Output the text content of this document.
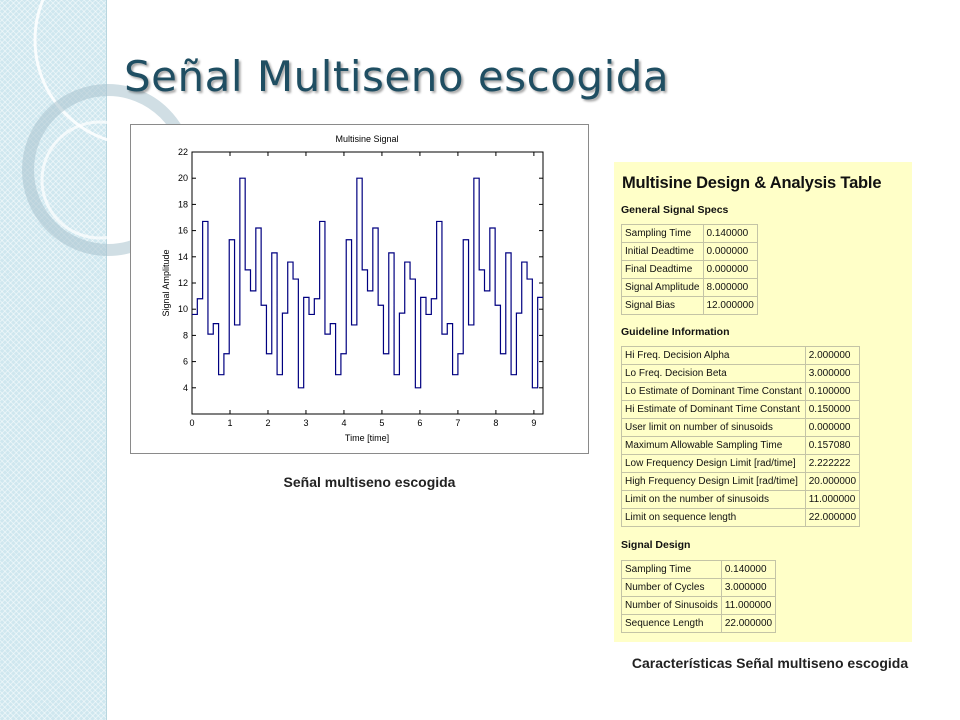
Señal Multiseno escogida
Multisine Signal
4
6
8
10
12
14
16
18
20
22
0	1	2	3	4	5	6	7	8	9
Time [time]
Signal Amplitude
Señal multiseno escogida
Multisine Design & Analysis Table
General Signal Specs
Sampling Time	0.140000
Initial Deadtime	0.000000
Final Deadtime	0.000000
Signal Amplitude	8.000000
Signal Bias	12.000000
Guideline Information
Hi Freq. Decision Alpha	2.000000
Lo Freq. Decision Beta	3.000000
Lo Estimate of Dominant Time Constant	0.100000
Hi Estimate of Dominant Time Constant	0.150000
User limit on number of sinusoids	0.000000
Maximum Allowable Sampling Time	0.157080
Low Frequency Design Limit [rad/time]	2.222222
High Frequency Design Limit [rad/time]	20.000000
Limit on the number of sinusoids	11.000000
Limit on sequence length	22.000000
Signal Design
Sampling Time	0.140000
Number of Cycles	3.000000
Number of Sinusoids	11.000000
Sequence Length	22.000000
Características Señal multiseno escogida
